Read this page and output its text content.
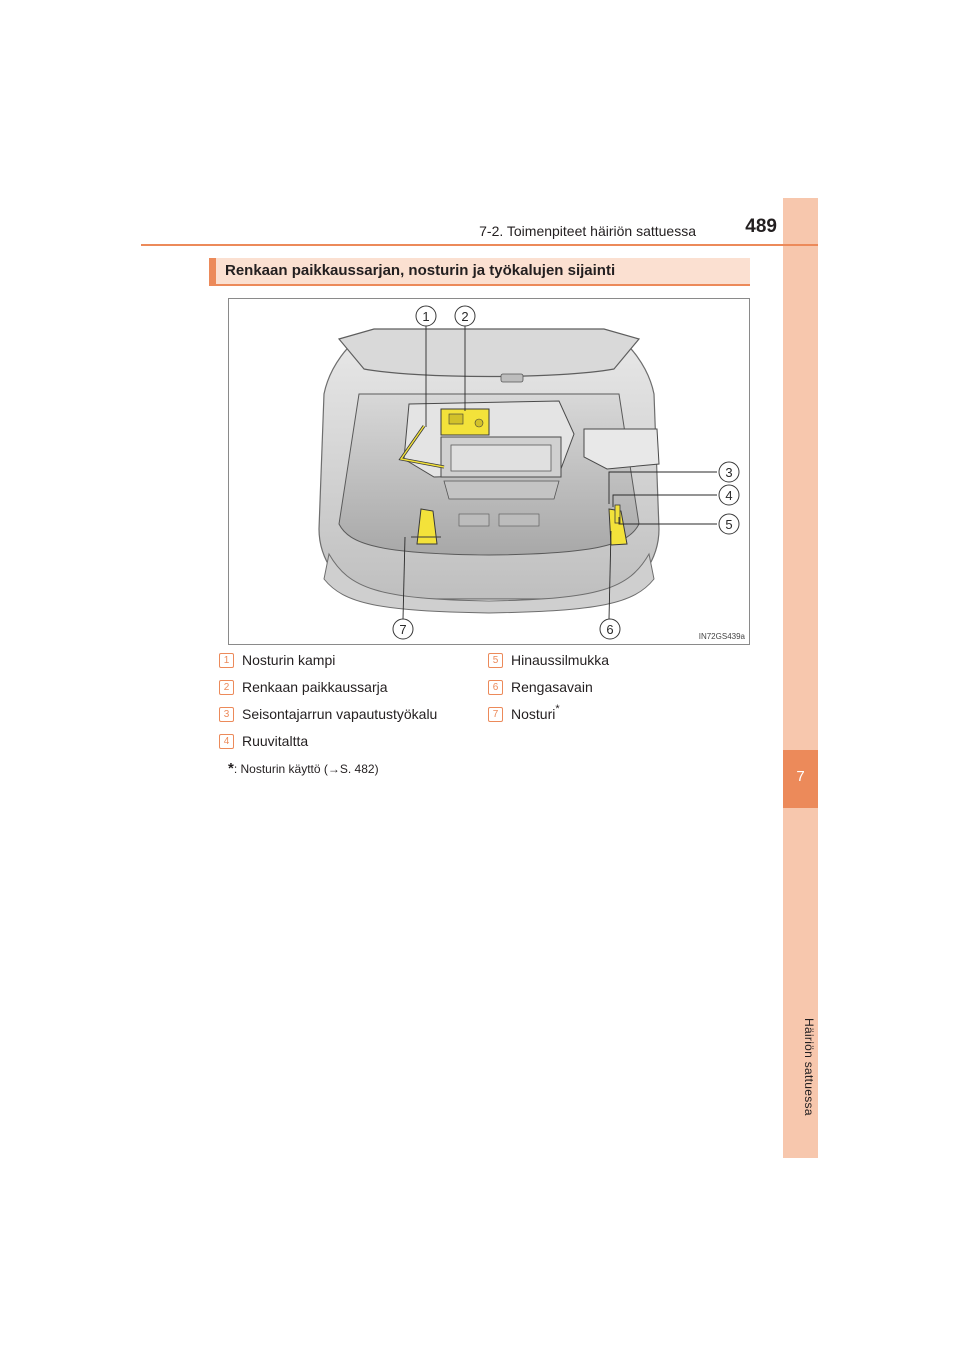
7
Häiriön sattuessa
7-2. Toimenpiteet häiriön sattuessa	489
Renkaan paikkaussarjan, nosturin ja työkalujen sijainti
1 2
3
4
5
6
7	IN72GS439a
1 Nosturin kampi
2 Renkaan paikkaussarja
3 Seisontajarrun vapautustyökalu
4 Ruuvitaltta
5 Hinaussilmukka
6 Rengasavain
7 Nosturi*
*: Nosturin käyttö (→S. 482)
